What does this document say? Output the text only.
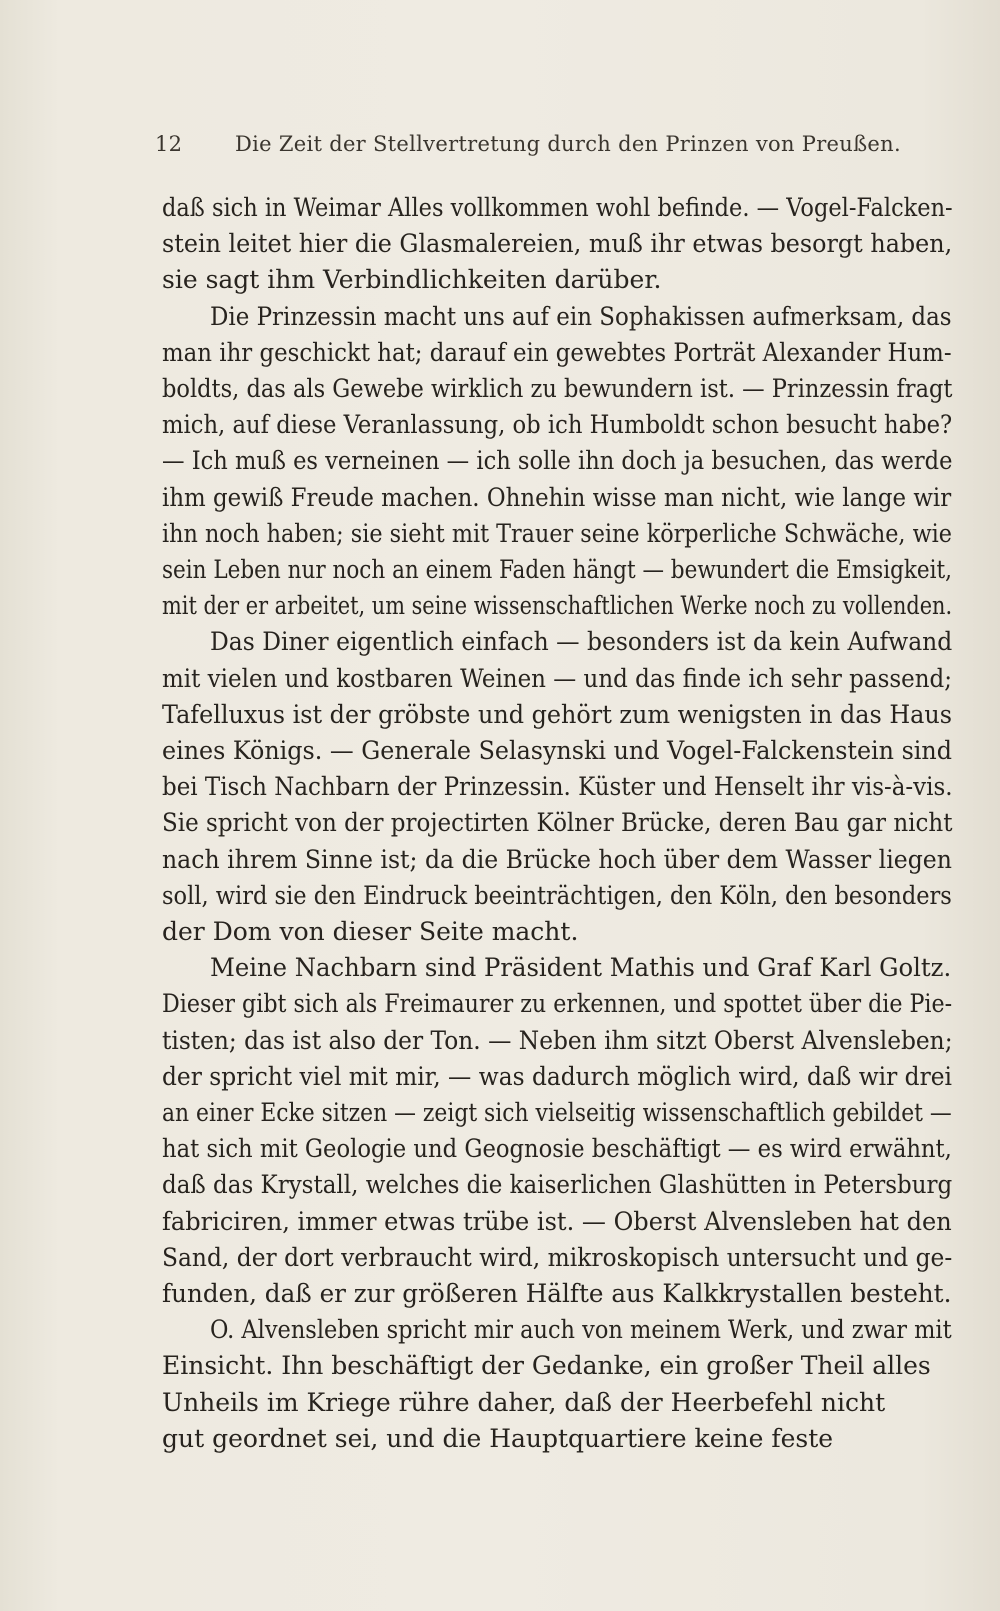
12	Die Zeit der Stellvertretung durch den Prinzen von Preußen.
daß sich in Weimar Alles vollkommen wohl befinde. — Vogel-Falcken-
stein leitet hier die Glasmalereien, muß ihr etwas besorgt haben,
sie sagt ihm Verbindlichkeiten darüber.
Die Prinzessin macht uns auf ein Sophakissen aufmerksam, das
man ihr geschickt hat; darauf ein gewebtes Porträt Alexander Hum-
boldts, das als Gewebe wirklich zu bewundern ist. — Prinzessin fragt
mich, auf diese Veranlassung, ob ich Humboldt schon besucht habe?
— Ich muß es verneinen — ich solle ihn doch ja besuchen, das werde
ihm gewiß Freude machen. Ohnehin wisse man nicht, wie lange wir
ihn noch haben; sie sieht mit Trauer seine körperliche Schwäche, wie
sein Leben nur noch an einem Faden hängt — bewundert die Emsigkeit,
mit der er arbeitet, um seine wissenschaftlichen Werke noch zu vollenden.
Das Diner eigentlich einfach — besonders ist da kein Aufwand
mit vielen und kostbaren Weinen — und das finde ich sehr passend;
Tafelluxus ist der gröbste und gehört zum wenigsten in das Haus
eines Königs. — Generale Selasynski und Vogel-Falckenstein sind
bei Tisch Nachbarn der Prinzessin. Küster und Henselt ihr vis-à-vis.
Sie spricht von der projectirten Kölner Brücke, deren Bau gar nicht
nach ihrem Sinne ist; da die Brücke hoch über dem Wasser liegen
soll, wird sie den Eindruck beeinträchtigen, den Köln, den besonders
der Dom von dieser Seite macht.
Meine Nachbarn sind Präsident Mathis und Graf Karl Goltz.
Dieser gibt sich als Freimaurer zu erkennen, und spottet über die Pie-
tisten; das ist also der Ton. — Neben ihm sitzt Oberst Alvensleben;
der spricht viel mit mir, — was dadurch möglich wird, daß wir drei
an einer Ecke sitzen — zeigt sich vielseitig wissenschaftlich gebildet —
hat sich mit Geologie und Geognosie beschäftigt — es wird erwähnt,
daß das Krystall, welches die kaiserlichen Glashütten in Petersburg
fabriciren, immer etwas trübe ist. — Oberst Alvensleben hat den
Sand, der dort verbraucht wird, mikroskopisch untersucht und ge-
funden, daß er zur größeren Hälfte aus Kalkkrystallen besteht.
O. Alvensleben spricht mir auch von meinem Werk, und zwar mit
Einsicht. Ihn beschäftigt der Gedanke, ein großer Theil alles
Unheils im Kriege rühre daher, daß der Heerbefehl nicht
gut geordnet sei, und die Hauptquartiere keine feste
